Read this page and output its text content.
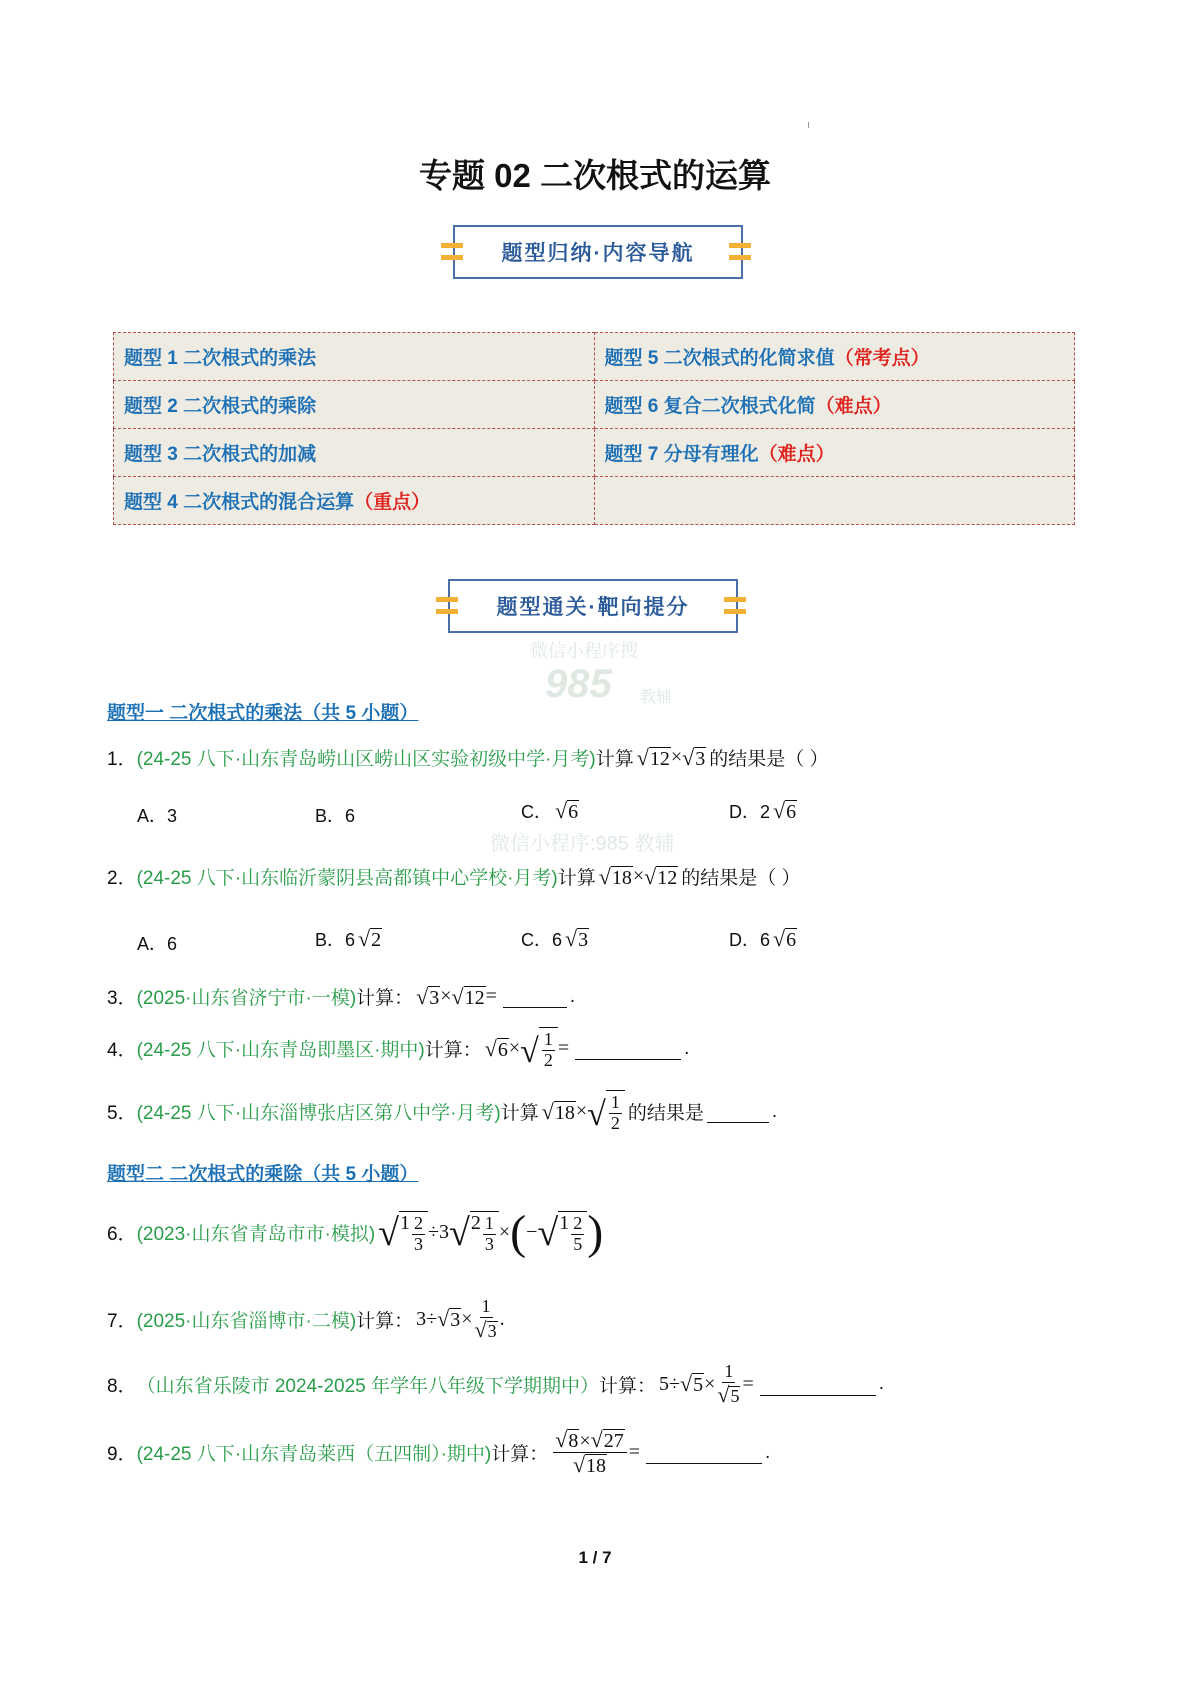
专题 02 二次根式的运算
题型归纳·内容导航
题型 1 二次根式的乘法	题型 5 二次根式的化简求值（常考点）
题型 2 二次根式的乘除	题型 6 复合二次根式化简（难点）
题型 3 二次根式的加减	题型 7 分母有理化（难点）
题型 4 二次根式的混合运算（重点）	
题型通关·靶向提分
微信小程序搜
985 教辅
微信小程序:985 教辅
题型一 二次根式的乘法（共 5 小题）
1． (24-25 八下·山东青岛崂山区崂山区实验初级中学·月考) 计算 √ 12 × √ 3 的结果是（ ）
A．3	B．6	C． √ 6	D．2 √ 6
2． (24-25 八下·山东临沂蒙阴县高都镇中心学校·月考) 计算 √ 18 × √ 12 的结果是（ ）
A．6	B．6 √ 2	C．6 √ 3	D．6 √ 6
3． (2025·山东省济宁市·一模) 计算： √ 3 × √ 12 =
	.
4． (24-25 八下·山东青岛即墨区·期中) 计算： √ 6 × √ $\frac{1}{2}$ =
	.
5． (24-25 八下·山东淄博张店区第八中学·月考) 计算 √ 18 × √ $\frac{1}{2}$ 的结果是
	.
题型二 二次根式的乘除（共 5 小题）
6． (2023·山东省青岛市市·模拟) √ $1 \frac{2}{3} \div 3$ √ $2 \frac{1}{3}$ × ( − √ $1 \frac{2}{5}$ )
7． (2025·山东省淄博市·二模) 计算： 3÷ √ $3 \times \frac{1}{√ 3}$ .
8． （山东省乐陵市 2024-2025 年学年八年级下学期期中） 计算： 5÷ √ $5 \times \frac{1}{√ 5}$ =
	.
9． (24-25 八下·山东青岛莱西（五四制）·期中) 计算： $\frac{√ 8 \times √ 27}{√ 18}$ =
	.
1 / 7
